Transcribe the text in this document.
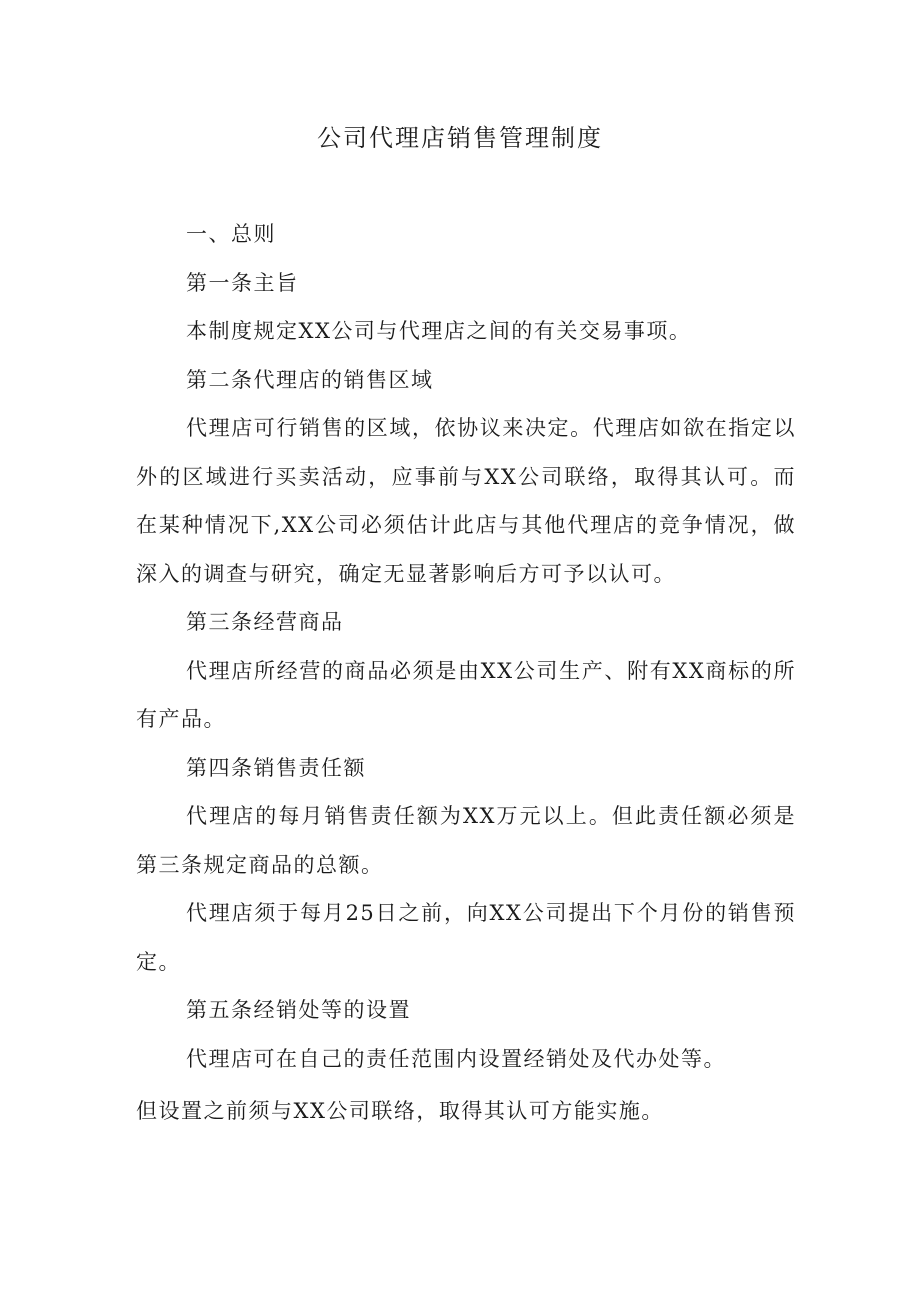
公司代理店销售管理制度

一、总则

第一条主旨

本制度规定XX公司与代理店之间的有关交易事项。

第二条代理店的销售区域

代理店可行销售的区域，依协议来决定。代理店如欲在指定以外的区域进行买卖活动，应事前与XX公司联络，取得其认可。而在某种情况下,XX公司必须估计此店与其他代理店的竞争情况，做深入的调查与研究，确定无显著影响后方可予以认可。

第三条经营商品

代理店所经营的商品必须是由XX公司生产、附有XX商标的所有产品。

第四条销售责任额

代理店的每月销售责任额为XX万元以上。但此责任额必须是第三条规定商品的总额。

代理店须于每月25日之前，向XX公司提出下个月份的销售预定。

第五条经销处等的设置

代理店可在自己的责任范围内设置经销处及代办处等。

但设置之前须与XX公司联络，取得其认可方能实施。
